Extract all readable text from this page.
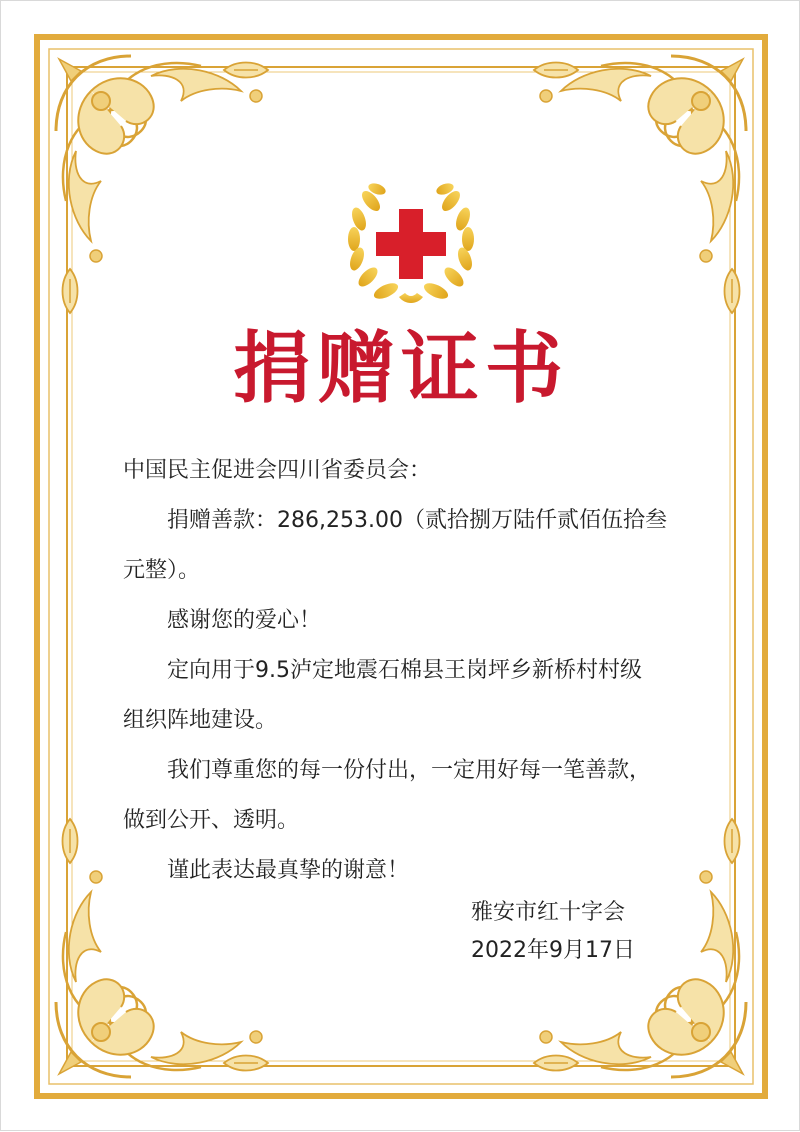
捐赠证书

中国民主促进会四川省委员会：

捐赠善款：286,253.00（贰拾捌万陆仟贰佰伍拾叁

元整）。

感谢您的爱心！

定向用于9.5泸定地震石棉县王岗坪乡新桥村村级

组织阵地建设。

我们尊重您的每一份付出，一定用好每一笔善款，

做到公开、透明。

谨此表达最真挚的谢意！

雅安市红十字会
2022年9月17日
